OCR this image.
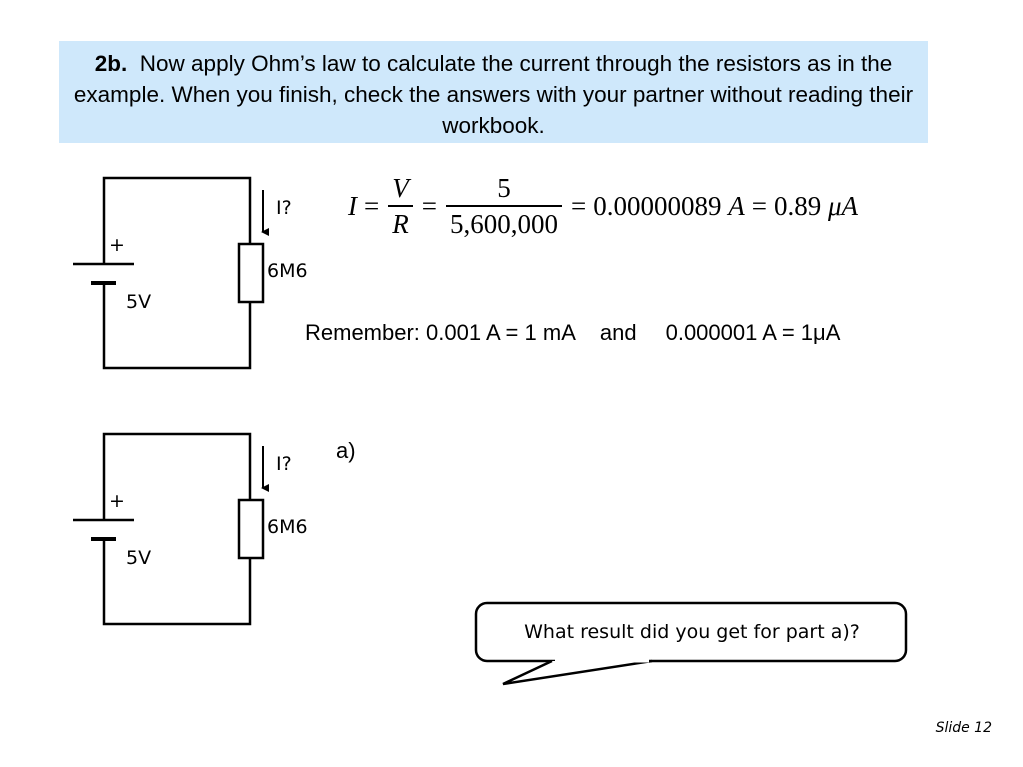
2b. Now apply Ohm’s law to calculate the current through the resistors as in the example. When you finish, check the answers with your partner without reading their workbook.
I?
6M6
+
5V
I?
6M6
+
5V
$I = \frac{V}{R} = \frac{5}{5,600,000} = 0.00000089$
A = 0.89
μA
Remember: 0.001 A = 1 mA and 0.000001 A = 1μA
a)
What result did you get for part a)?
Slide 12
